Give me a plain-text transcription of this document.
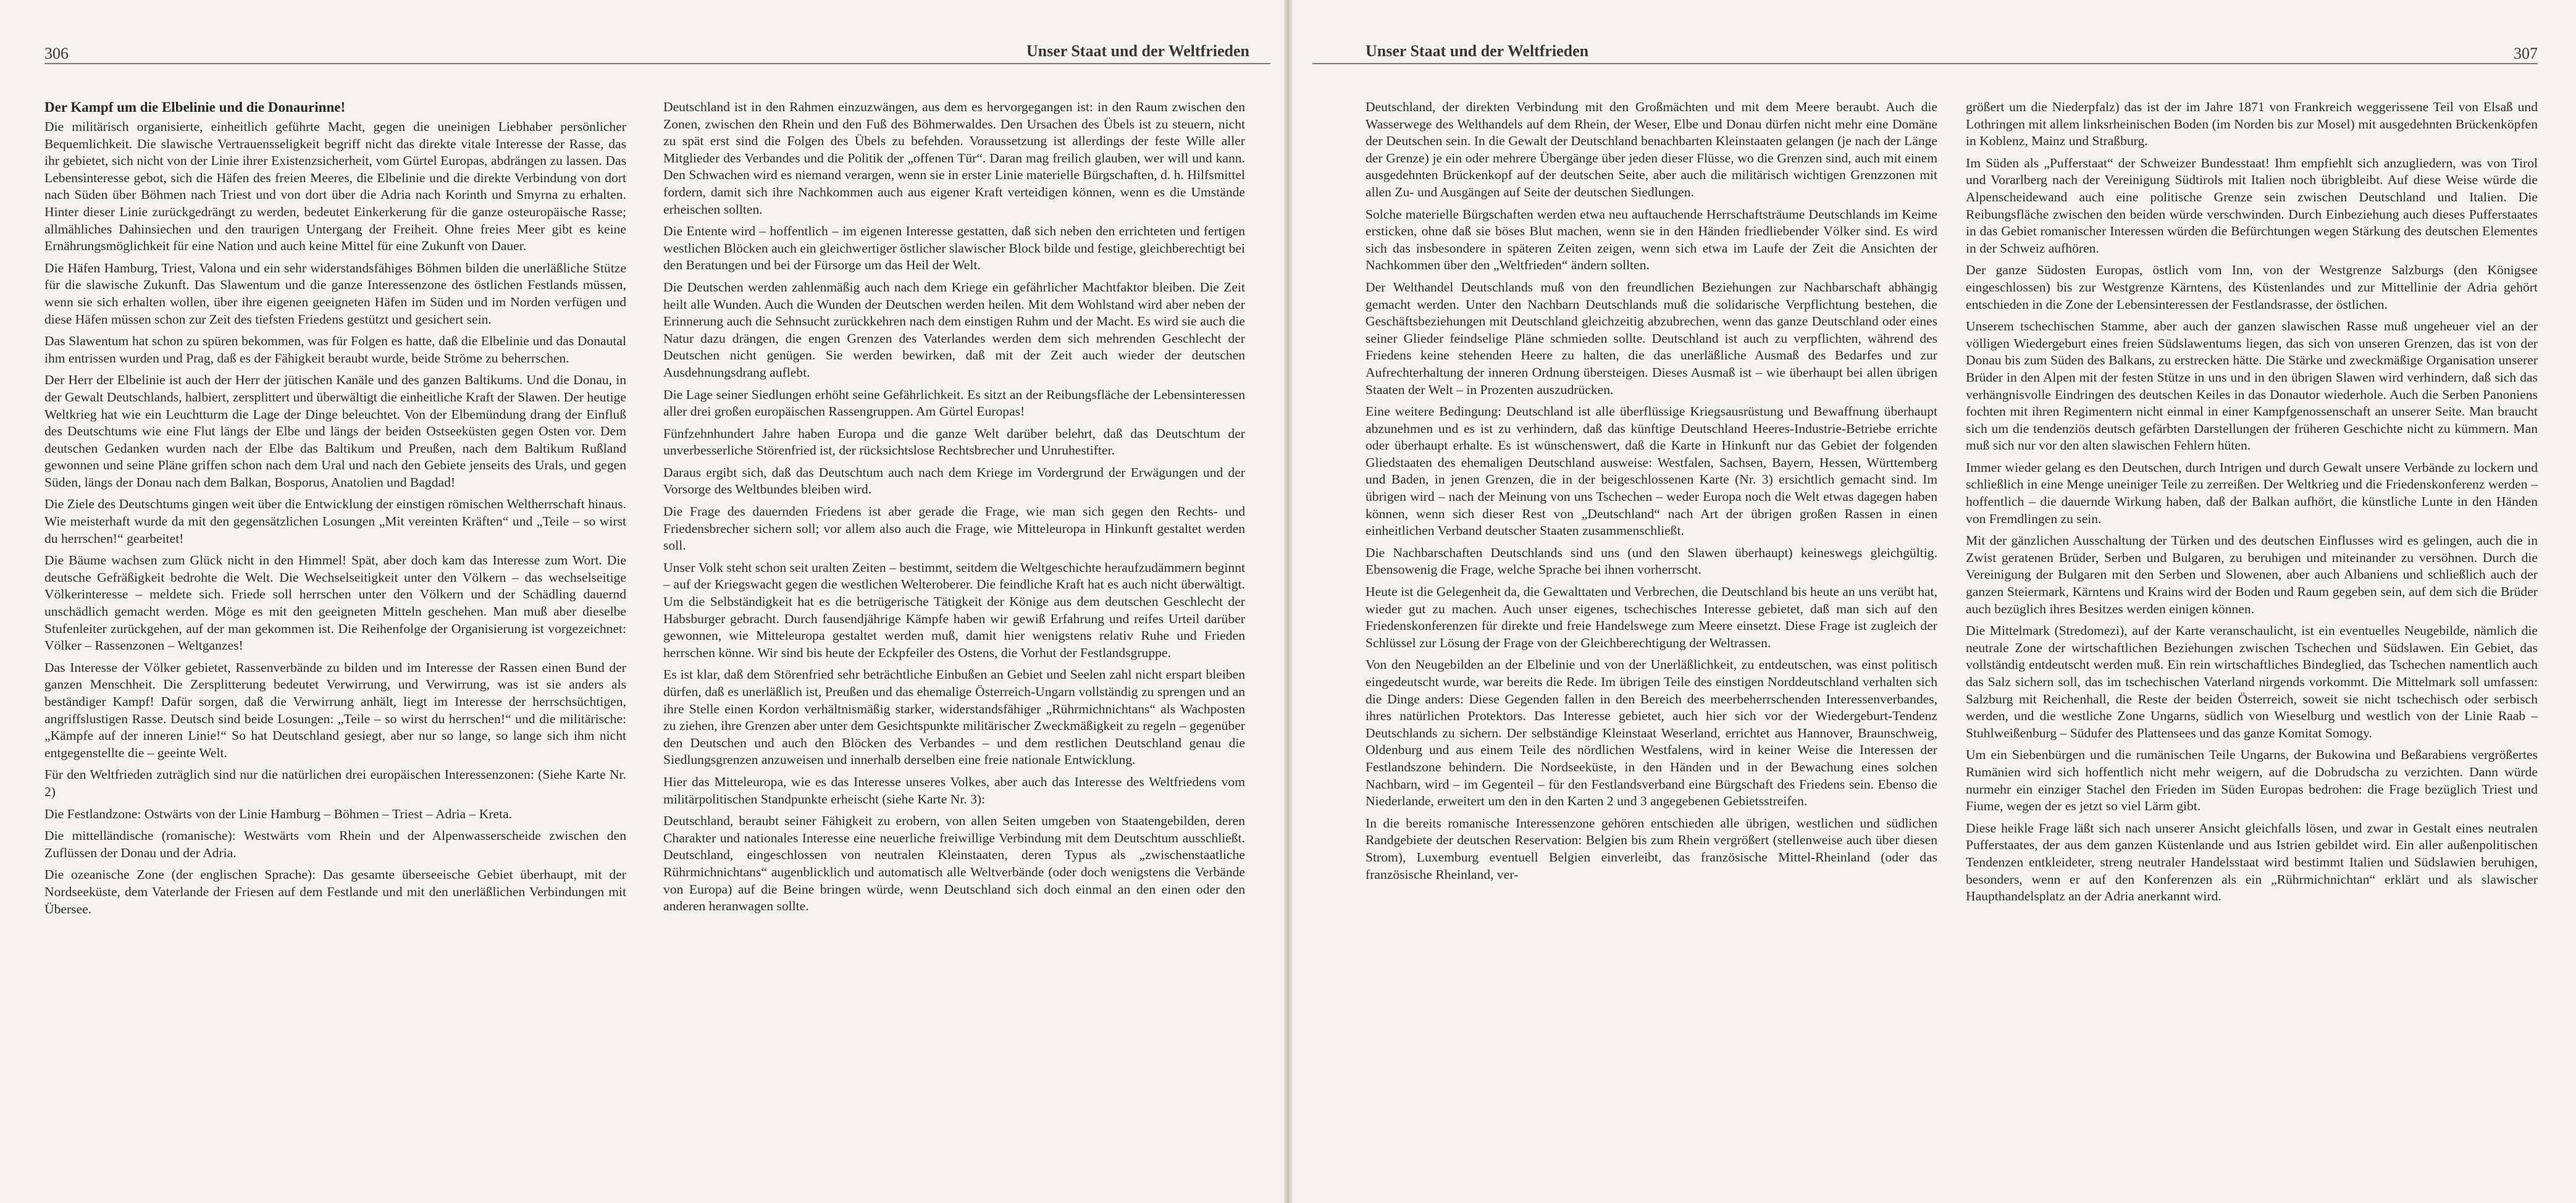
306	Unser Staat und der Weltfrieden
Der Kampf um die Elbelinie und die Donaurinne!

Die militärisch organisierte, einheitlich geführte Macht, gegen die uneinigen Liebhaber persönlicher Bequemlichkeit. Die slawische Vertrauensseligkeit begriff nicht das direkte vitale Interesse der Rasse, das ihr gebietet, sich nicht von der Linie ihrer Existenzsicherheit, vom Gürtel Europas, abdrängen zu lassen. Das Lebensinteresse gebot, sich die Häfen des freien Meeres, die Elbelinie und die direkte Verbindung von dort nach Süden über Böhmen nach Triest und von dort über die Adria nach Korinth und Smyrna zu erhalten. Hinter dieser Linie zurückgedrängt zu werden, bedeutet Einkerkerung für die ganze osteuropäische Rasse; allmähliches Dahinsiechen und den traurigen Untergang der Freiheit. Ohne freies Meer gibt es keine Ernährungsmöglichkeit für eine Nation und auch keine Mittel für eine Zukunft von Dauer.

Die Häfen Hamburg, Triest, Valona und ein sehr widerstandsfähiges Böhmen bilden die unerläßliche Stütze für die slawische Zukunft. Das Slawentum und die ganze Interessenzone des östlichen Festlands müssen, wenn sie sich erhalten wollen, über ihre eigenen geeigneten Häfen im Süden und im Norden verfügen und diese Häfen müssen schon zur Zeit des tiefsten Friedens gestützt und gesichert sein.

Das Slawentum hat schon zu spüren bekommen, was für Folgen es hatte, daß die Elbelinie und das Donautal ihm entrissen wurden und Prag, daß es der Fähigkeit beraubt wurde, beide Ströme zu beherrschen.

Der Herr der Elbelinie ist auch der Herr der jütischen Kanäle und des ganzen Baltikums. Und die Donau, in der Gewalt Deutschlands, halbiert, zersplittert und überwältigt die einheitliche Kraft der Slawen. Der heutige Weltkrieg hat wie ein Leuchtturm die Lage der Dinge beleuchtet. Von der Elbemündung drang der Einfluß des Deutschtums wie eine Flut längs der Elbe und längs der beiden Ostseeküsten gegen Osten vor. Dem deutschen Gedanken wurden nach der Elbe das Baltikum und Preußen, nach dem Baltikum Rußland gewonnen und seine Pläne griffen schon nach dem Ural und nach den Gebiete jenseits des Urals, und gegen Süden, längs der Donau nach dem Balkan, Bosporus, Anatolien und Bagdad!

Die Ziele des Deutschtums gingen weit über die Entwicklung der einstigen römischen Weltherrschaft hinaus. Wie meisterhaft wurde da mit den gegensätzlichen Losungen „Mit vereinten Kräften“ und „Teile – so wirst du herrschen!“ gearbeitet!

Die Bäume wachsen zum Glück nicht in den Himmel! Spät, aber doch kam das Interesse zum Wort. Die deutsche Gefräßigkeit bedrohte die Welt. Die Wechselseitigkeit unter den Völkern – das wechselseitige Völkerinteresse – meldete sich. Friede soll herrschen unter den Völkern und der Schädling dauernd unschädlich gemacht werden. Möge es mit den geeigneten Mitteln geschehen. Man muß aber dieselbe Stufenleiter zurückgehen, auf der man gekommen ist. Die Reihenfolge der Organisierung ist vorgezeichnet: Völker – Rassenzonen – Weltganzes!

Das Interesse der Völker gebietet, Rassenverbände zu bilden und im Interesse der Rassen einen Bund der ganzen Menschheit. Die Zersplitterung bedeutet Verwirrung, und Verwirrung, was ist sie anders als beständiger Kampf! Dafür sorgen, daß die Verwirrung anhält, liegt im Interesse der herrschsüchtigen, angriffslustigen Rasse. Deutsch sind beide Losungen: „Teile – so wirst du herrschen!“ und die militärische: „Kämpfe auf der inneren Linie!“ So hat Deutschland gesiegt, aber nur so lange, so lange sich ihm nicht entgegenstellte die – geeinte Welt.

Für den Weltfrieden zuträglich sind nur die natürlichen drei europäischen Interessenzonen: (Siehe Karte Nr. 2)

Die Festlandzone: Ostwärts von der Linie Hamburg – Böhmen – Triest – Adria – Kreta.

Die mittelländische (romanische): Westwärts vom Rhein und der Alpenwasserscheide zwischen den Zuflüssen der Donau und der Adria.

Die ozeanische Zone (der englischen Sprache): Das gesamte überseeische Gebiet überhaupt, mit der Nordseeküste, dem Vaterlande der Friesen auf dem Festlande und mit den unerläßlichen Verbindungen mit Übersee.

Deutschland ist in den Rahmen einzuzwängen, aus dem es hervorgegangen ist: in den Raum zwischen den Zonen, zwischen den Rhein und den Fuß des Böhmerwaldes. Den Ursachen des Übels ist zu steuern, nicht zu spät erst sind die Folgen des Übels zu befehden. Voraussetzung ist allerdings der feste Wille aller Mitglieder des Verbandes und die Politik der „offenen Tür“. Daran mag freilich glauben, wer will und kann. Den Schwachen wird es niemand verargen, wenn sie in erster Linie materielle Bürgschaften, d. h. Hilfsmittel fordern, damit sich ihre Nachkommen auch aus eigener Kraft verteidigen können, wenn es die Umstände erheischen sollten.

Die Entente wird – hoffentlich – im eigenen Interesse gestatten, daß sich neben den errichteten und fertigen westlichen Blöcken auch ein gleichwertiger östlicher slawischer Block bilde und festige, gleichberechtigt bei den Beratungen und bei der Fürsorge um das Heil der Welt.

Die Deutschen werden zahlenmäßig auch nach dem Kriege ein gefährlicher Machtfaktor bleiben. Die Zeit heilt alle Wunden. Auch die Wunden der Deutschen werden heilen. Mit dem Wohlstand wird aber neben der Erinnerung auch die Sehnsucht zurückkehren nach dem einstigen Ruhm und der Macht. Es wird sie auch die Natur dazu drängen, die engen Grenzen des Vaterlandes werden dem sich mehrenden Geschlecht der Deutschen nicht genügen. Sie werden bewirken, daß mit der Zeit auch wieder der deutschen Ausdehnungsdrang auflebt.

Die Lage seiner Siedlungen erhöht seine Gefährlichkeit. Es sitzt an der Reibungsfläche der Lebensinteressen aller drei großen europäischen Rassengruppen. Am Gürtel Europas!

Fünfzehnhundert Jahre haben Europa und die ganze Welt darüber belehrt, daß das Deutschtum der unverbesserliche Störenfried ist, der rücksichtslose Rechtsbrecher und Unruhestifter.

Daraus ergibt sich, daß das Deutschtum auch nach dem Kriege im Vordergrund der Erwägungen und der Vorsorge des Weltbundes bleiben wird.

Die Frage des dauernden Friedens ist aber gerade die Frage, wie man sich gegen den Rechts- und Friedensbrecher sichern soll; vor allem also auch die Frage, wie Mitteleuropa in Hinkunft gestaltet werden soll.

Unser Volk steht schon seit uralten Zeiten – bestimmt, seitdem die Weltgeschichte heraufzudämmern beginnt – auf der Kriegswacht gegen die westlichen Welteroberer. Die feindliche Kraft hat es auch nicht überwältigt. Um die Selbständigkeit hat es die betrügerische Tätigkeit der Könige aus dem deutschen Geschlecht der Habsburger gebracht. Durch fausendjährige Kämpfe haben wir gewiß Erfahrung und reifes Urteil darüber gewonnen, wie Mitteleuropa gestaltet werden muß, damit hier wenigstens relativ Ruhe und Frieden herrschen könne. Wir sind bis heute der Eckpfeiler des Ostens, die Vorhut der Festlandsgruppe.

Es ist klar, daß dem Störenfried sehr beträchtliche Einbußen an Gebiet und Seelen zahl nicht erspart bleiben dürfen, daß es unerläßlich ist, Preußen und das ehemalige Österreich-Ungarn vollständig zu sprengen und an ihre Stelle einen Kordon verhältnismäßig starker, widerstandsfähiger „Rührmichnichtans“ als Wachposten zu ziehen, ihre Grenzen aber unter dem Gesichtspunkte militärischer Zweckmäßigkeit zu regeln – gegenüber den Deutschen und auch den Blöcken des Verbandes – und dem restlichen Deutschland genau die Siedlungsgrenzen anzuweisen und innerhalb derselben eine freie nationale Entwicklung.

Hier das Mitteleuropa, wie es das Interesse unseres Volkes, aber auch das Interesse des Weltfriedens vom militärpolitischen Standpunkte erheischt (siehe Karte Nr. 3):

Deutschland, beraubt seiner Fähigkeit zu erobern, von allen Seiten umgeben von Staatengebilden, deren Charakter und nationales Interesse eine neuerliche freiwillige Verbindung mit dem Deutschtum ausschließt. Deutschland, eingeschlossen von neutralen Kleinstaaten, deren Typus als „zwischenstaatliche Rührmichnichtans“ augenblicklich und automatisch alle Weltverbände (oder doch wenigstens die Verbände von Europa) auf die Beine bringen würde, wenn Deutschland sich doch einmal an den einen oder den anderen heranwagen sollte.

Unser Staat und der Weltfrieden	307

Deutschland, der direkten Verbindung mit den Großmächten und mit dem Meere beraubt. Auch die Wasserwege des Welthandels auf dem Rhein, der Weser, Elbe und Donau dürfen nicht mehr eine Domäne der Deutschen sein. In die Gewalt der Deutschland benachbarten Kleinstaaten gelangen (je nach der Länge der Grenze) je ein oder mehrere Übergänge über jeden dieser Flüsse, wo die Grenzen sind, auch mit einem ausgedehnten Brückenkopf auf der deutschen Seite, aber auch die militärisch wichtigen Grenzzonen mit allen Zu- und Ausgängen auf Seite der deutschen Siedlungen.

Solche materielle Bürgschaften werden etwa neu auftauchende Herrschaftsträume Deutschlands im Keime ersticken, ohne daß sie böses Blut machen, wenn sie in den Händen friedliebender Völker sind. Es wird sich das insbesondere in späteren Zeiten zeigen, wenn sich etwa im Laufe der Zeit die Ansichten der Nachkommen über den „Weltfrieden“ ändern sollten.

Der Welthandel Deutschlands muß von den freundlichen Beziehungen zur Nachbarschaft abhängig gemacht werden. Unter den Nachbarn Deutschlands muß die solidarische Verpflichtung bestehen, die Geschäftsbeziehungen mit Deutschland gleichzeitig abzubrechen, wenn das ganze Deutschland oder eines seiner Glieder feindselige Pläne schmieden sollte. Deutschland ist auch zu verpflichten, während des Friedens keine stehenden Heere zu halten, die das unerläßliche Ausmaß des Bedarfes und zur Aufrechterhaltung der inneren Ordnung übersteigen. Dieses Ausmaß ist – wie überhaupt bei allen übrigen Staaten der Welt – in Prozenten auszudrücken.

Eine weitere Bedingung: Deutschland ist alle überflüssige Kriegsausrüstung und Bewaffnung überhaupt abzunehmen und es ist zu verhindern, daß das künftige Deutschland Heeres-Industrie-Betriebe errichte oder überhaupt erhalte. Es ist wünschenswert, daß die Karte in Hinkunft nur das Gebiet der folgenden Gliedstaaten des ehemaligen Deutschland ausweise: Westfalen, Sachsen, Bayern, Hessen, Württemberg und Baden, in jenen Grenzen, die in der beigeschlossenen Karte (Nr. 3) ersichtlich gemacht sind. Im übrigen wird – nach der Meinung von uns Tschechen – weder Europa noch die Welt etwas dagegen haben können, wenn sich dieser Rest von „Deutschland“ nach Art der übrigen großen Rassen in einen einheitlichen Verband deutscher Staaten zusammenschließt.

Die Nachbarschaften Deutschlands sind uns (und den Slawen überhaupt) keineswegs gleichgültig. Ebensowenig die Frage, welche Sprache bei ihnen vorherrscht.

Heute ist die Gelegenheit da, die Gewalttaten und Verbrechen, die Deutschland bis heute an uns verübt hat, wieder gut zu machen. Auch unser eigenes, tschechisches Interesse gebietet, daß man sich auf den Friedenskonferenzen für direkte und freie Handelswege zum Meere einsetzt. Diese Frage ist zugleich der Schlüssel zur Lösung der Frage von der Gleichberechtigung der Weltrassen.

Von den Neugebilden an der Elbelinie und von der Unerläßlichkeit, zu entdeutschen, was einst politisch eingedeutscht wurde, war bereits die Rede. Im übrigen Teile des einstigen Norddeutschland verhalten sich die Dinge anders: Diese Gegenden fallen in den Bereich des meerbeherrschenden Interessenverbandes, ihres natürlichen Protektors. Das Interesse gebietet, auch hier sich vor der Wiedergeburt-Tendenz Deutschlands zu sichern. Der selbständige Kleinstaat Weserland, errichtet aus Hannover, Braunschweig, Oldenburg und aus einem Teile des nördlichen Westfalens, wird in keiner Weise die Interessen der Festlandszone behindern. Die Nordseeküste, in den Händen und in der Bewachung eines solchen Nachbarn, wird – im Gegenteil – für den Festlandsverband eine Bürgschaft des Friedens sein. Ebenso die Niederlande, erweitert um den in den Karten 2 und 3 angegebenen Gebietsstreifen.

In die bereits romanische Interessenzone gehören entschieden alle übrigen, westlichen und südlichen Randgebiete der deutschen Reservation: Belgien bis zum Rhein vergrößert (stellenweise auch über diesen Strom), Luxemburg eventuell Belgien einverleibt, das französische Mittel-Rheinland (oder das französische Rheinland, ver-

größert um die Niederpfalz) das ist der im Jahre 1871 von Frankreich weggerissene Teil von Elsaß und Lothringen mit allem linksrheinischen Boden (im Norden bis zur Mosel) mit ausgedehnten Brückenköpfen in Koblenz, Mainz und Straßburg.

Im Süden als „Pufferstaat“ der Schweizer Bundesstaat! Ihm empfiehlt sich anzugliedern, was von Tirol und Vorarlberg nach der Vereinigung Südtirols mit Italien noch übrigbleibt. Auf diese Weise würde die Alpenscheidewand auch eine politische Grenze sein zwischen Deutschland und Italien. Die Reibungsfläche zwischen den beiden würde verschwinden. Durch Einbeziehung auch dieses Pufferstaates in das Gebiet romanischer Interessen würden die Befürchtungen wegen Stärkung des deutschen Elementes in der Schweiz aufhören.

Der ganze Südosten Europas, östlich vom Inn, von der Westgrenze Salzburgs (den Königsee eingeschlossen) bis zur Westgrenze Kärntens, des Küstenlandes und zur Mittellinie der Adria gehört entschieden in die Zone der Lebensinteressen der Festlandsrasse, der östlichen.

Unserem tschechischen Stamme, aber auch der ganzen slawischen Rasse muß ungeheuer viel an der völligen Wiedergeburt eines freien Südslawentums liegen, das sich von unseren Grenzen, das ist von der Donau bis zum Süden des Balkans, zu erstrecken hätte. Die Stärke und zweckmäßige Organisation unserer Brüder in den Alpen mit der festen Stütze in uns und in den übrigen Slawen wird verhindern, daß sich das verhängnisvolle Eindringen des deutschen Keiles in das Donautor wiederhole. Auch die Serben Panoniens fochten mit ihren Regimentern nicht einmal in einer Kampfgenossenschaft an unserer Seite. Man braucht sich um die tendenziös deutsch gefärbten Darstellungen der früheren Geschichte nicht zu kümmern. Man muß sich nur vor den alten slawischen Fehlern hüten.

Immer wieder gelang es den Deutschen, durch Intrigen und durch Gewalt unsere Verbände zu lockern und schließlich in eine Menge uneiniger Teile zu zerreißen. Der Weltkrieg und die Friedenskonferenz werden – hoffentlich – die dauernde Wirkung haben, daß der Balkan aufhört, die künstliche Lunte in den Händen von Fremdlingen zu sein.

Mit der gänzlichen Ausschaltung der Türken und des deutschen Einflusses wird es gelingen, auch die in Zwist geratenen Brüder, Serben und Bulgaren, zu beruhigen und miteinander zu versöhnen. Durch die Vereinigung der Bulgaren mit den Serben und Slowenen, aber auch Albaniens und schließlich auch der ganzen Steiermark, Kärntens und Krains wird der Boden und Raum gegeben sein, auf dem sich die Brüder auch bezüglich ihres Besitzes werden einigen können.

Die Mittelmark (Stredomezi), auf der Karte veranschaulicht, ist ein eventuelles Neugebilde, nämlich die neutrale Zone der wirtschaftlichen Beziehungen zwischen Tschechen und Südslawen. Ein Gebiet, das vollständig entdeutscht werden muß. Ein rein wirtschaftliches Bindeglied, das Tschechen namentlich auch das Salz sichern soll, das im tschechischen Vaterland nirgends vorkommt. Die Mittelmark soll umfassen: Salzburg mit Reichenhall, die Reste der beiden Österreich, soweit sie nicht tschechisch oder serbisch werden, und die westliche Zone Ungarns, südlich von Wieselburg und westlich von der Linie Raab – Stuhlweißenburg – Südufer des Plattensees und das ganze Komitat Somogy.

Um ein Siebenbürgen und die rumänischen Teile Ungarns, der Bukowina und Beßarabiens vergrößertes Rumänien wird sich hoffentlich nicht mehr weigern, auf die Dobrudscha zu verzichten. Dann würde nurmehr ein einziger Stachel den Frieden im Süden Europas bedrohen: die Frage bezüglich Triest und Fiume, wegen der es jetzt so viel Lärm gibt.

Diese heikle Frage läßt sich nach unserer Ansicht gleichfalls lösen, und zwar in Gestalt eines neutralen Pufferstaates, der aus dem ganzen Küstenlande und aus Istrien gebildet wird. Ein aller außenpolitischen Tendenzen entkleideter, streng neutraler Handelsstaat wird bestimmt Italien und Südslawien beruhigen, besonders, wenn er auf den Konferenzen als ein „Rührmichnichtan“ erklärt und als slawischer Haupthandelsplatz an der Adria anerkannt wird.
